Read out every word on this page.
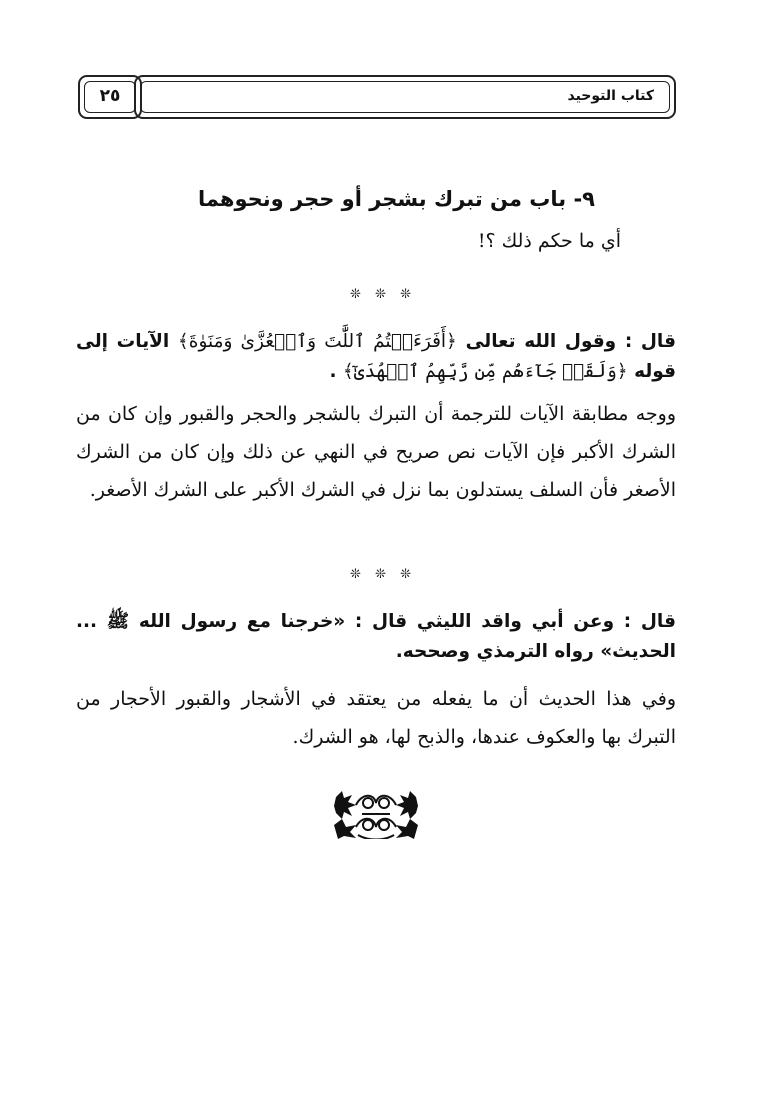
كتاب التوحيد
٢٥
٩- باب من تبرك بشجر أو حجر ونحوهما
أي ما حكم ذلك ؟!
❊ ❊ ❊
قال : وقول الله تعالى ﴿أَفَرَءَيۡتُمُ ٱللَّٰتَ وَٱلۡعُزَّىٰ وَمَنَوٰةَ﴾ الآيات إلى قوله ﴿وَلَقَدۡ جَآءَهُم مِّن رَّبِّهِمُ ٱلۡهُدَىٰٓ﴾ .
ووجه مطابقة الآيات للترجمة أن التبرك بالشجر والحجر والقبور وإن كان من الشرك الأكبر فإن الآيات نص صريح في النهي عن ذلك وإن كان من الشرك الأصغر فأن السلف يستدلون بما نزل في الشرك الأكبر على الشرك الأصغر.
❊ ❊ ❊
قال : وعن أبي واقد الليثي قال : «خرجنا مع رسول الله ﷺ ... الحديث» رواه الترمذي وصححه.
وفي هذا الحديث أن ما يفعله من يعتقد في الأشجار والقبور الأحجار من التبرك بها والعكوف عندها، والذبح لها، هو الشرك.
